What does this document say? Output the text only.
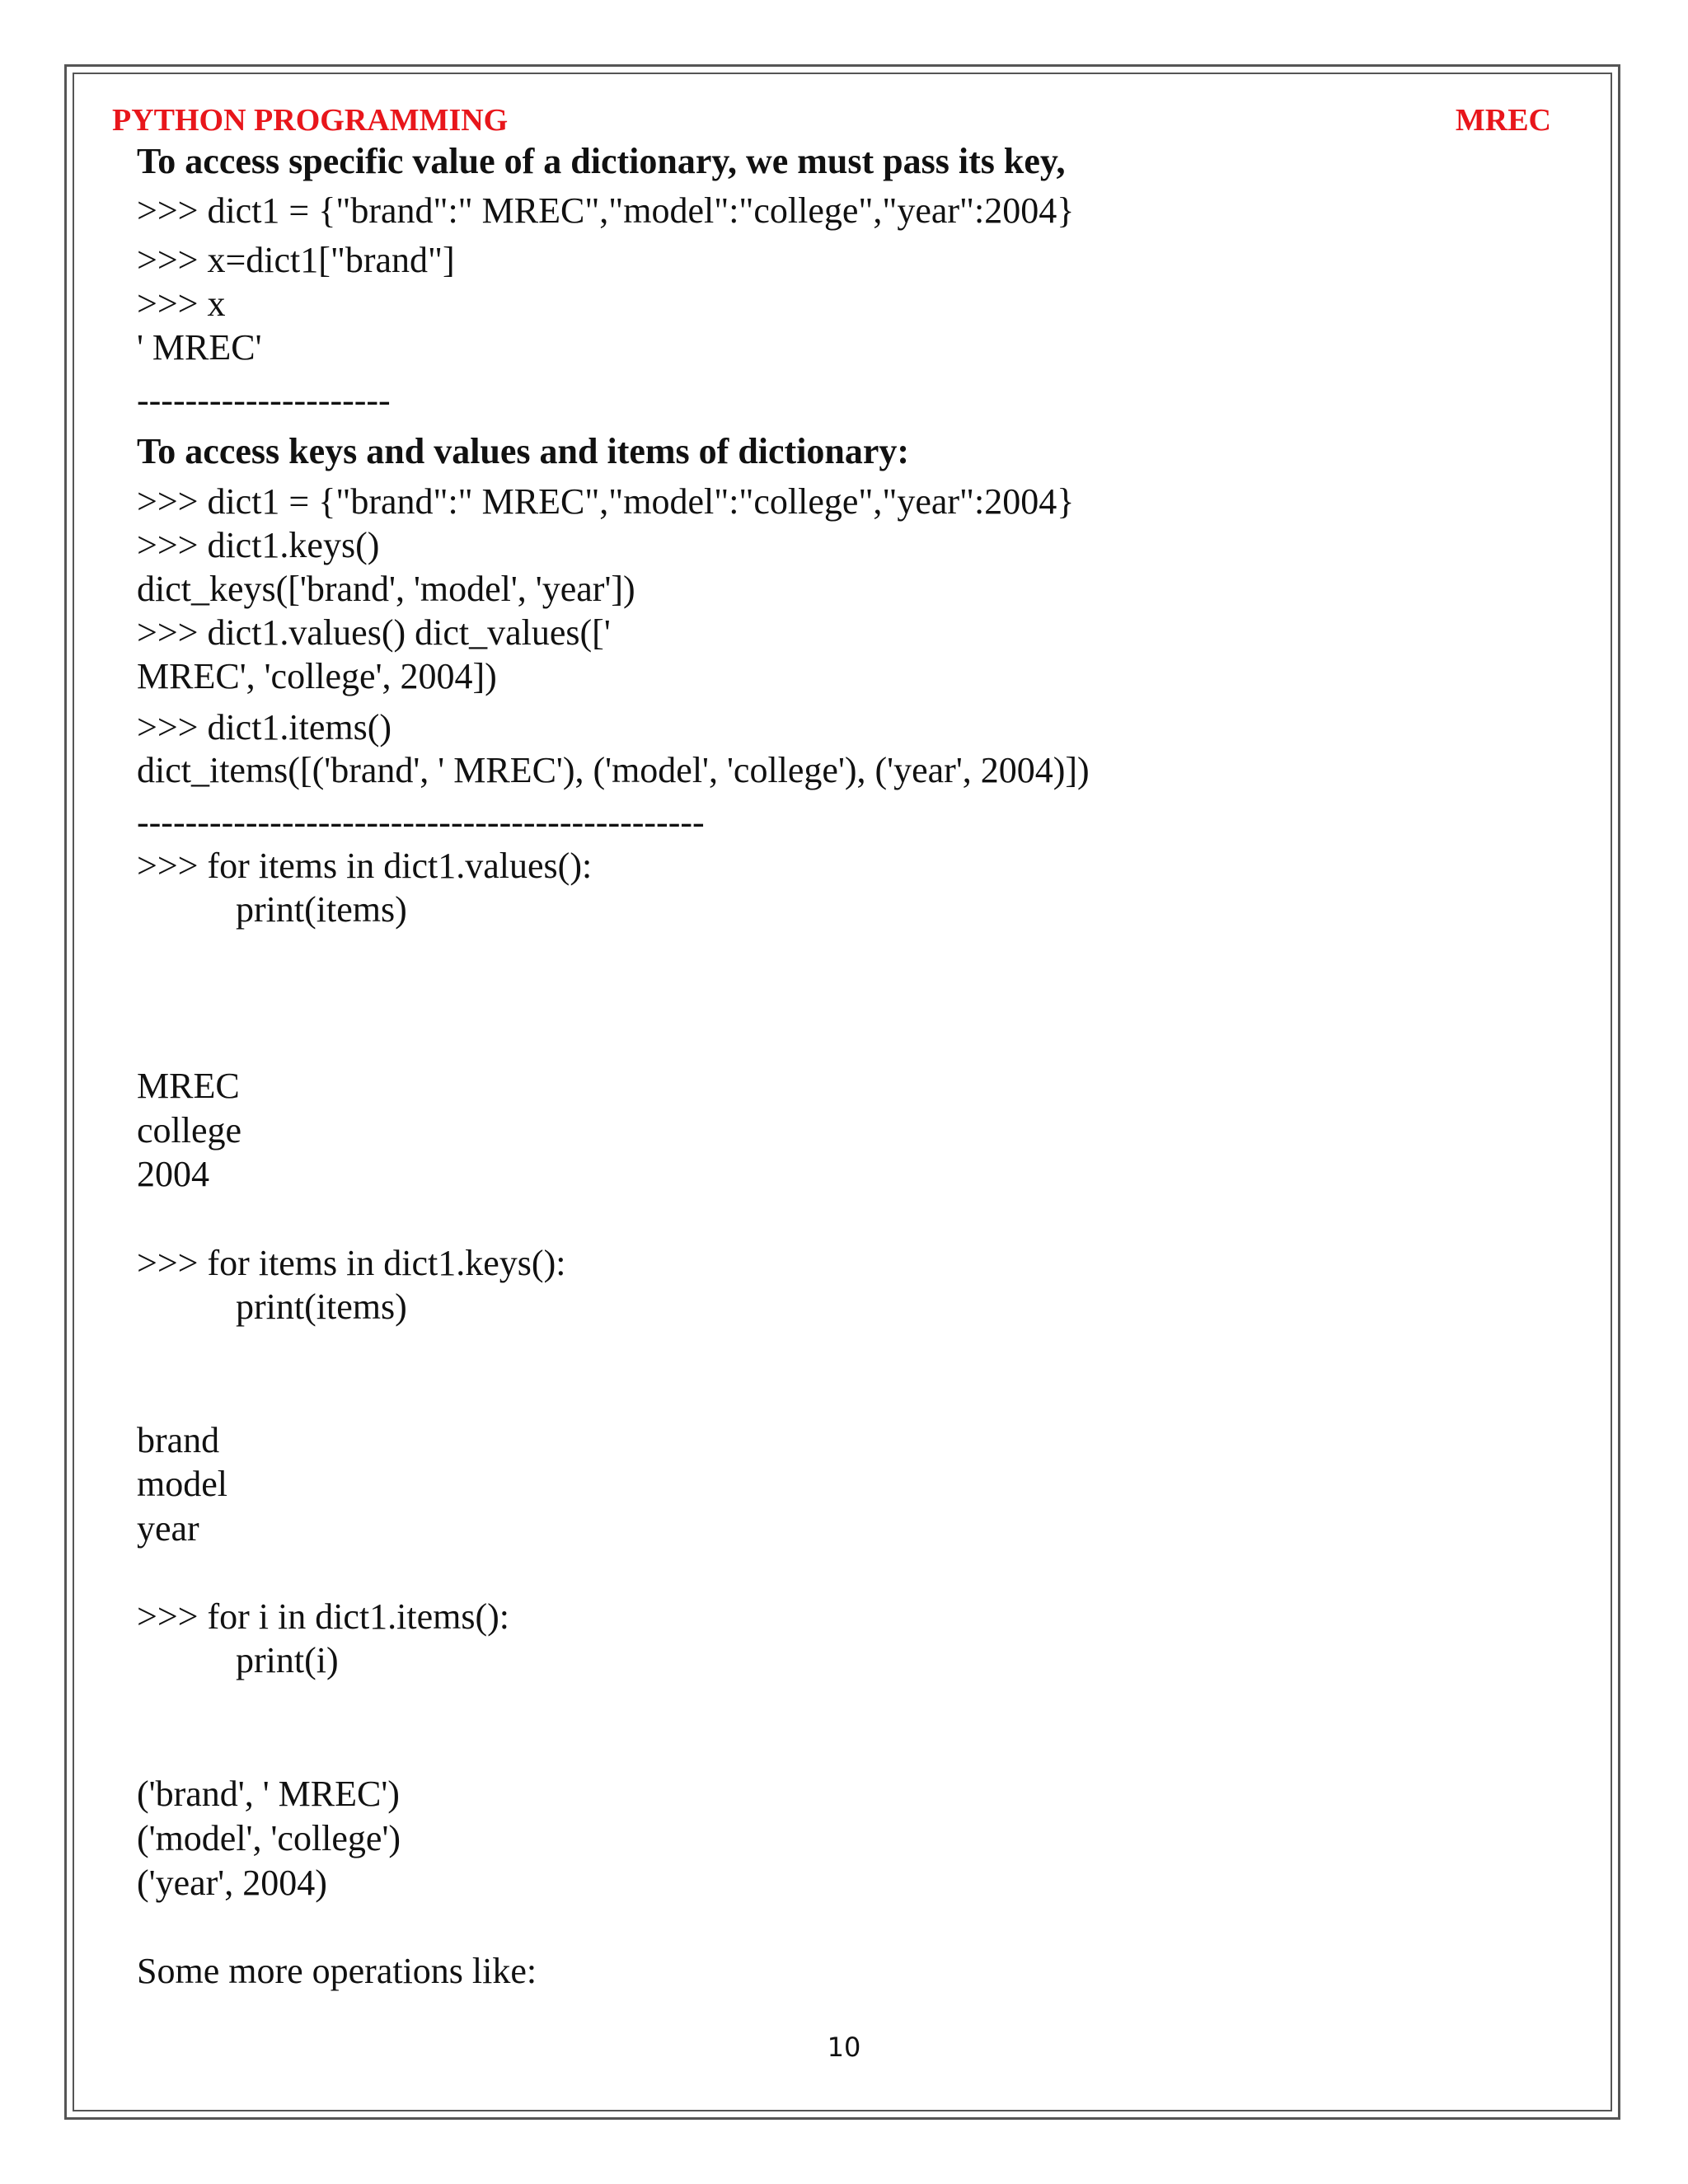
PYTHON PROGRAMMING	MREC

To access specific value of a dictionary, we must pass its key,

>>> dict1 = {"brand":" MREC","model":"college","year":2004}

>>> x=dict1["brand"]

>>> x

' MREC'

---------------------

To access keys and values and items of dictionary:

>>> dict1 = {"brand":" MREC","model":"college","year":2004}

>>> dict1.keys()

dict_keys(['brand', 'model', 'year'])

>>> dict1.values() dict_values(['

MREC', 'college', 2004])

>>> dict1.items()

dict_items([('brand', ' MREC'), ('model', 'college'), ('year', 2004)])

-----------------------------------------------

>>> for items in dict1.values():

print(items)

MREC

college

2004

>>> for items in dict1.keys():

print(items)

brand

model

year

>>> for i in dict1.items():

print(i)

('brand', ' MREC')

('model', 'college')

('year', 2004)

Some more operations like:

10
